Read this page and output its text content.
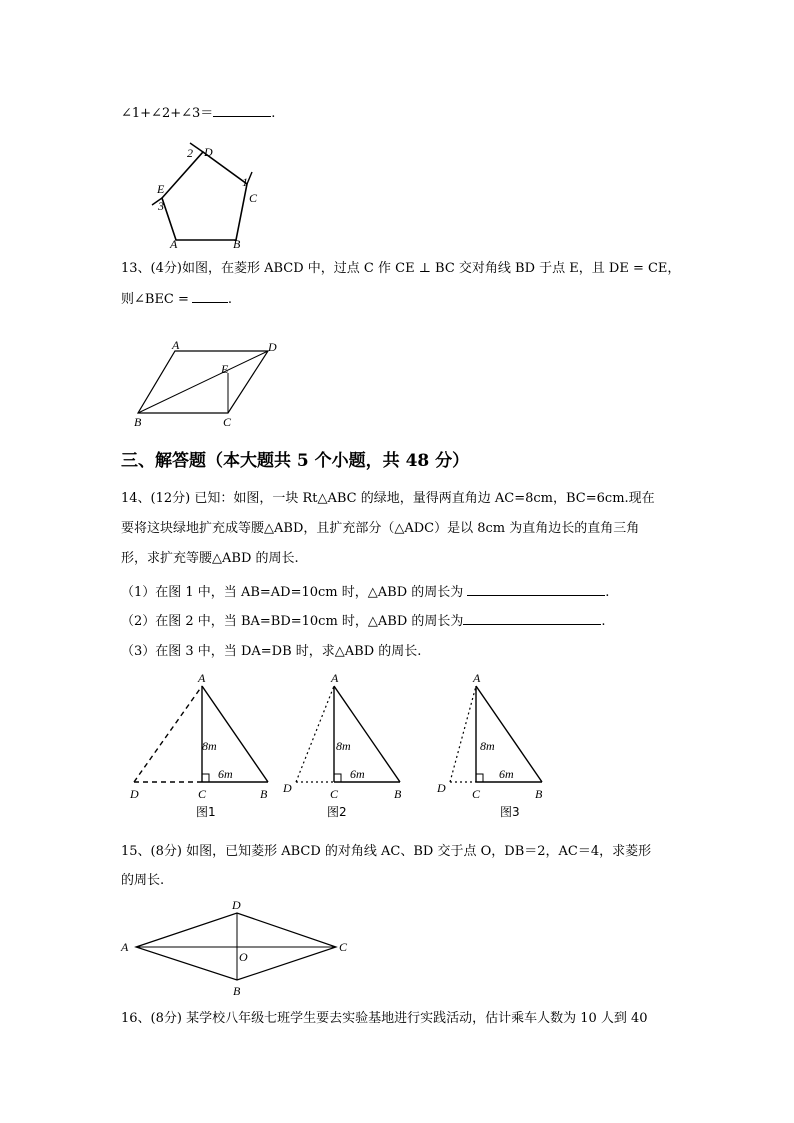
∠1+∠2+∠3＝	.
D
2
1
C
E
3
A	B
13、(4分)如图，在菱形 ABCD 中，过点 C 作 CE ⊥ BC 交对角线 BD 于点 E，且 DE = CE，
则∠BEC =	.
A	D
E
B	C
三、解答题（本大题共 5 个小题，共 48 分）
14、(12分) 已知：如图，一块 Rt△ABC 的绿地，量得两直角边 AC=8cm，BC=6cm.现在
要将这块绿地扩充成等腰△ABD，且扩充部分（△ADC）是以 8cm 为直角边长的直角三角
形，求扩充等腰△ABD 的周长.
（1）在图 1 中，当 AB=AD=10cm 时，△ABD 的周长为	.
（2）在图 2 中，当 BA=BD=10cm 时，△ABD 的周长为	.
（3）在图 3 中，当 DA=DB 时，求△ABD 的周长.
A
8m
6m
D	C	B
图1
A
8m
6m
D	C	B
图2
A
8m
6m
D C	B
图3
15、(8分) 如图，已知菱形 ABCD 的对角线 AC、BD 交于点 O，DB＝2，AC＝4，求菱形
的周长.
D
A	C
O
B
16、(8分) 某学校八年级七班学生要去实验基地进行实践活动，估计乘车人数为 10 人到 40
